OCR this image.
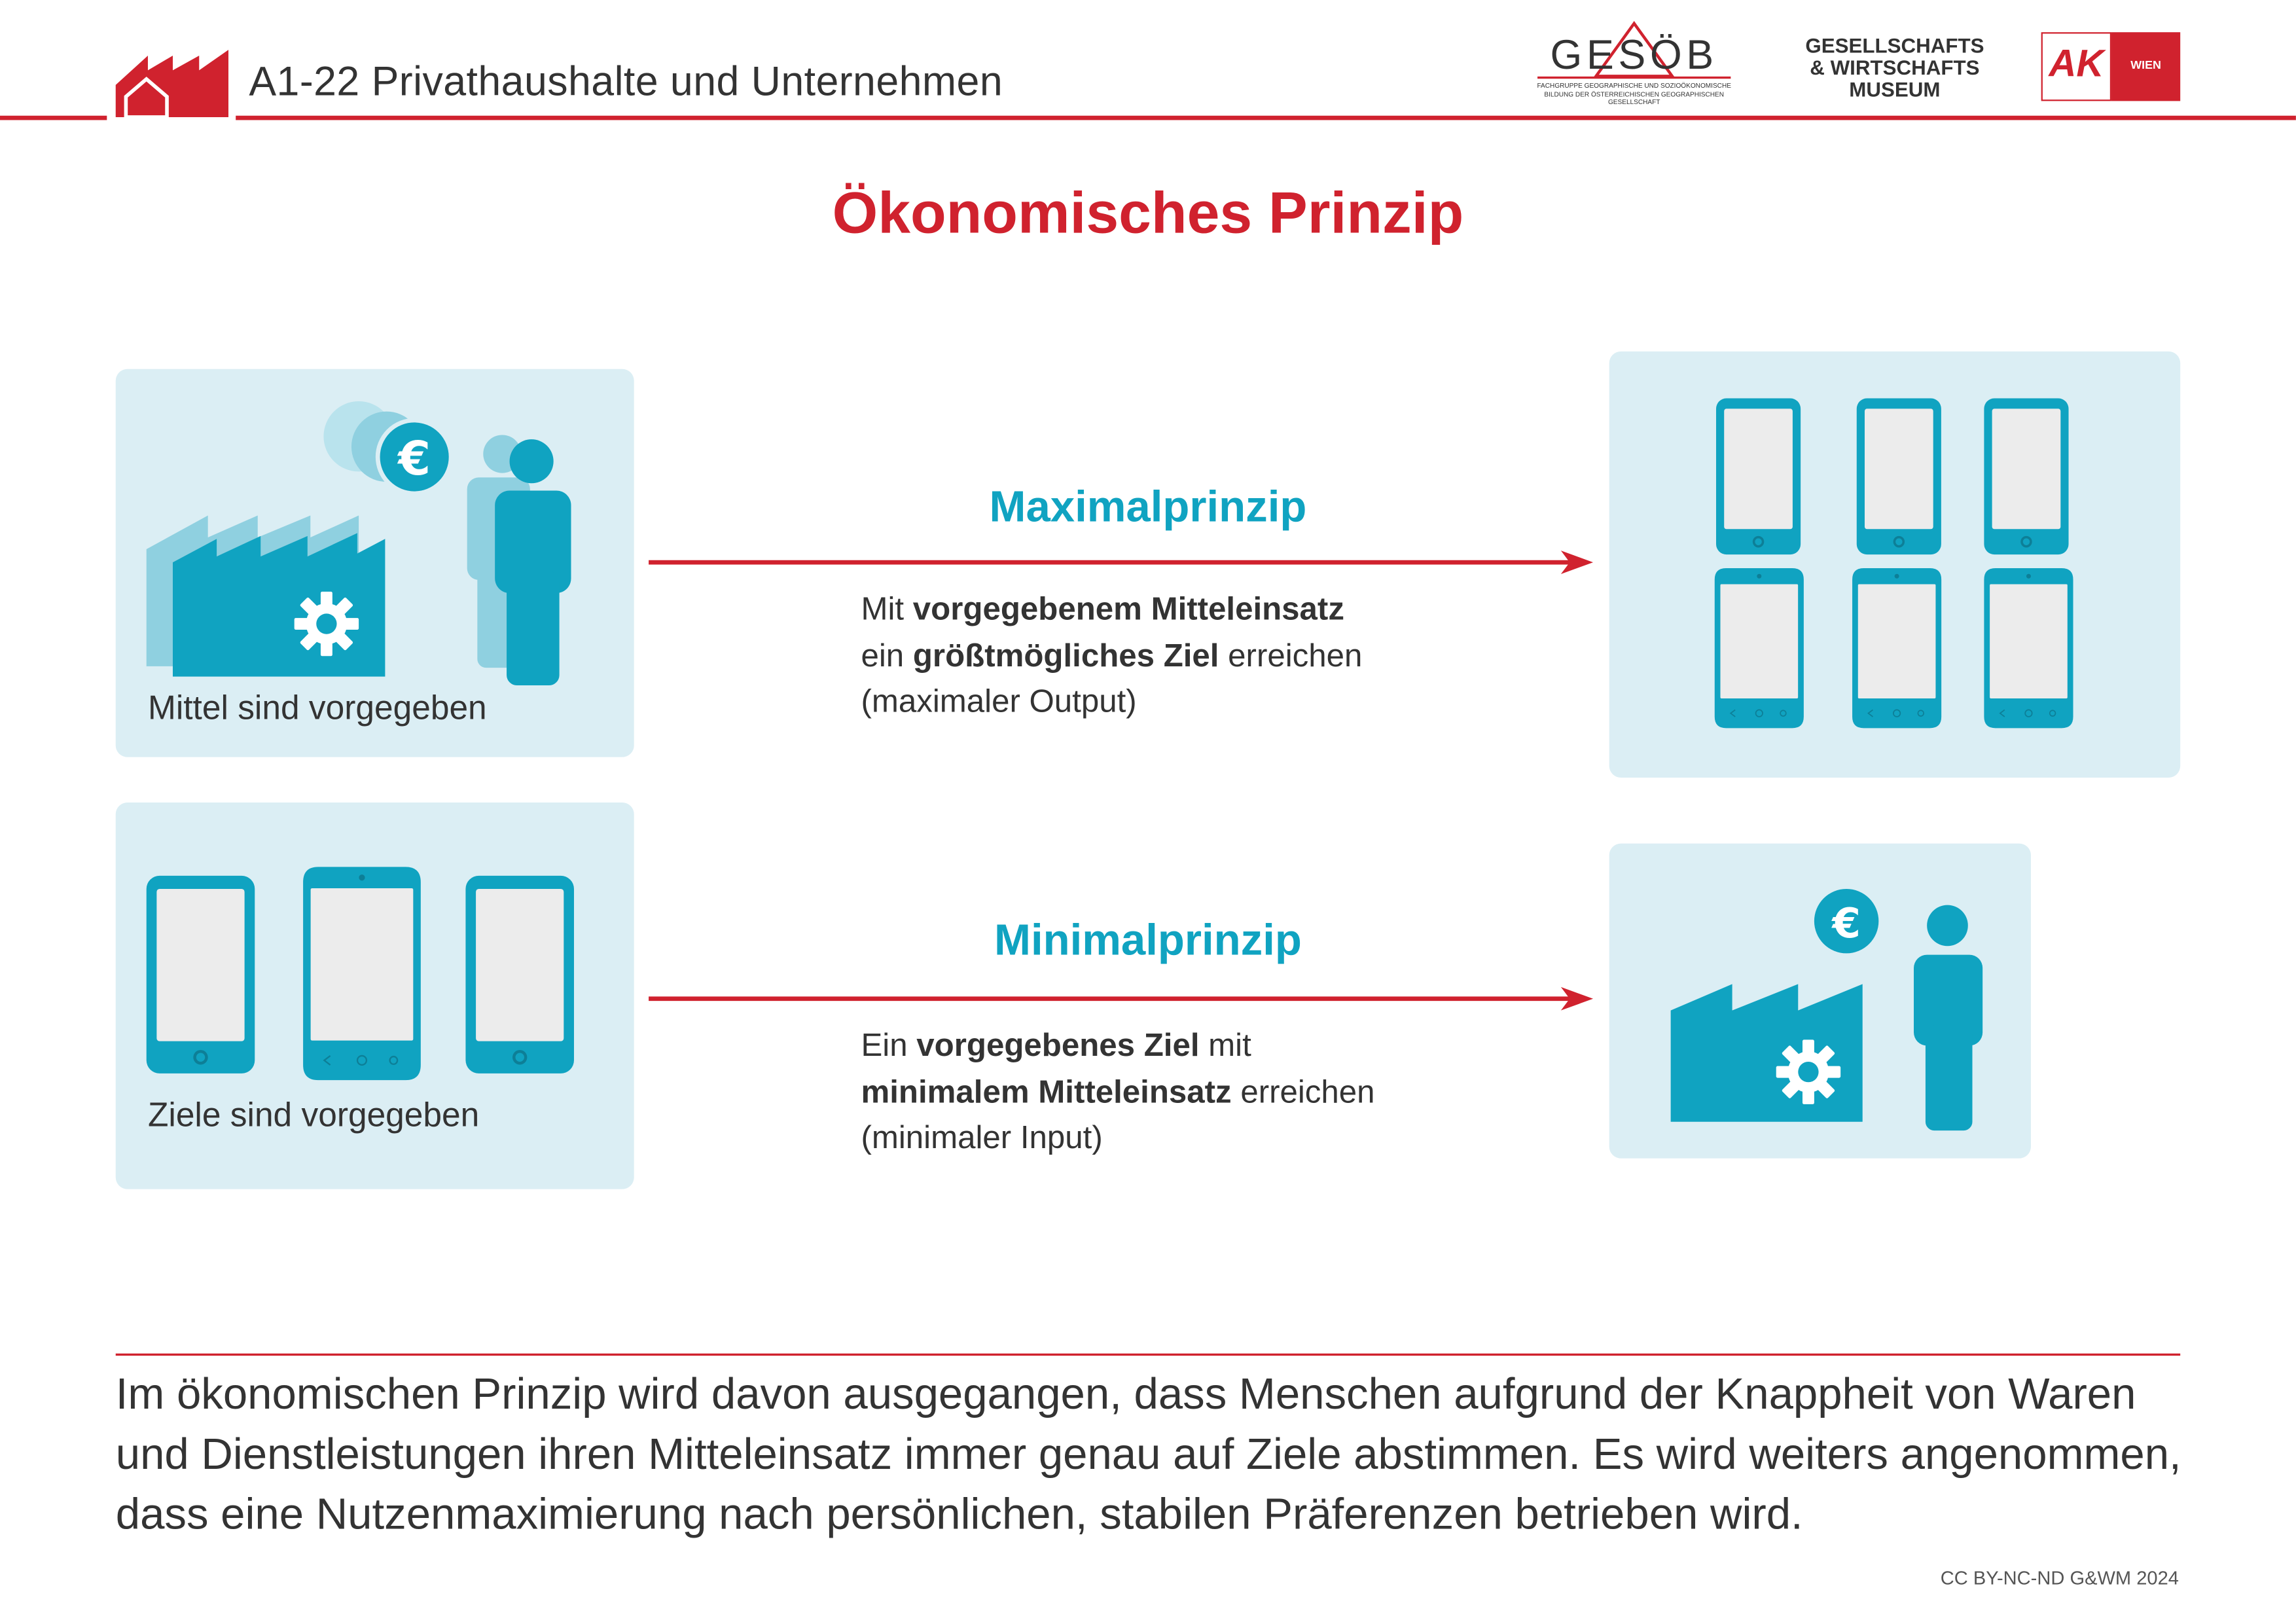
A1-22 Privathaushalte und Unternehmen
GESÖB
FACHGRUPPE GEOGRAPHISCHE UND SOZIOÖKONOMISCHE BILDUNG DER ÖSTERREICHISCHEN GEOGRAPHISCHEN GESELLSCHAFT
GESELLSCHAFTS
& WIRTSCHAFTS
MUSEUM
AK	WIEN
Ökonomisches Prinzip
€
€
Mittel sind vorgegeben
Ziele sind vorgegeben
Maximalprinzip
Mit vorgegebenem Mitteleinsatz
ein größtmögliches Ziel erreichen
(maximaler Output)
Minimalprinzip
Ein vorgegebenes Ziel mit
minimalem Mitteleinsatz erreichen
(minimaler Input)
Im ökonomischen Prinzip wird davon ausgegangen, dass Menschen aufgrund der Knappheit von Waren und Dienstleistungen ihren Mitteleinsatz immer genau auf Ziele abstimmen. Es wird weiters angenommen, dass eine Nutzenmaximierung nach persönlichen, stabilen Präferenzen betrieben wird.
CC BY-NC-ND G&WM 2024
